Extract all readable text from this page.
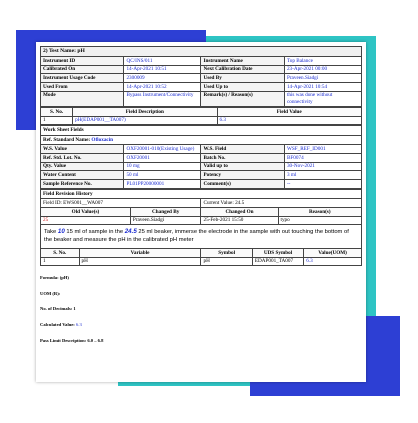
2) Test Name: pH
Instrument ID	QC/INS/011	Instrument Name	Top Balance
Calibrated On	14-Apr-2021 10:51	Next Calibration Date	23-Apr-2021 00:00
Instrument Usage Code	2300009	Used By	Praveen.Siadgi
Used From	14-Apr-2021 10:52	Used Up to	14-Apr-2021 10:54
Mode	Bypass Instrument/Connectivity	Remark(s) / Reason(s)	this was done without connectivity
S. No.	Field Description	Field Value
1	pH(EDAP001__TA007)	6.3
Work Sheet Fields
Ref. Standard Name: Ofloxacin
W.S. Value	OXF20001-010(Existing Usage)	W.S. Field	WSF_REF_ID001
Ref. Std. Lot. No.	OXF20001	Batch No.	BF0074
Qty. Value	10 mg	Valid up to	30-Nov-2021
Water Content	50 ml	Potency	3 ml
Sample Reference No.	PL01PP20000001	Comment(s)	--
Field Revision History
Field ID: EWS001__WA007		Current Value: 24.5	
Old Value(s)	Changed By	Changed On	Reason(s)
25	Praveen.Siadgi	25-Feb-2021 15:50	typo
Take 10 15 ml of sample in the 24.5 25 ml beaker, immerse the electrode in the sample with out touching the bottom of the beaker and measure the pH in the calibrated pH meter
S. No.	Variable	Symbol	UDS Symbol	Value(UOM)
1	pH	pH	EDAP001_TA007	6.3
Formula: (pH)
UOM (R):
No. of Decimals: 1
Calculated Value: 6.3
Pass Limit Description: 6.0 – 6.8
